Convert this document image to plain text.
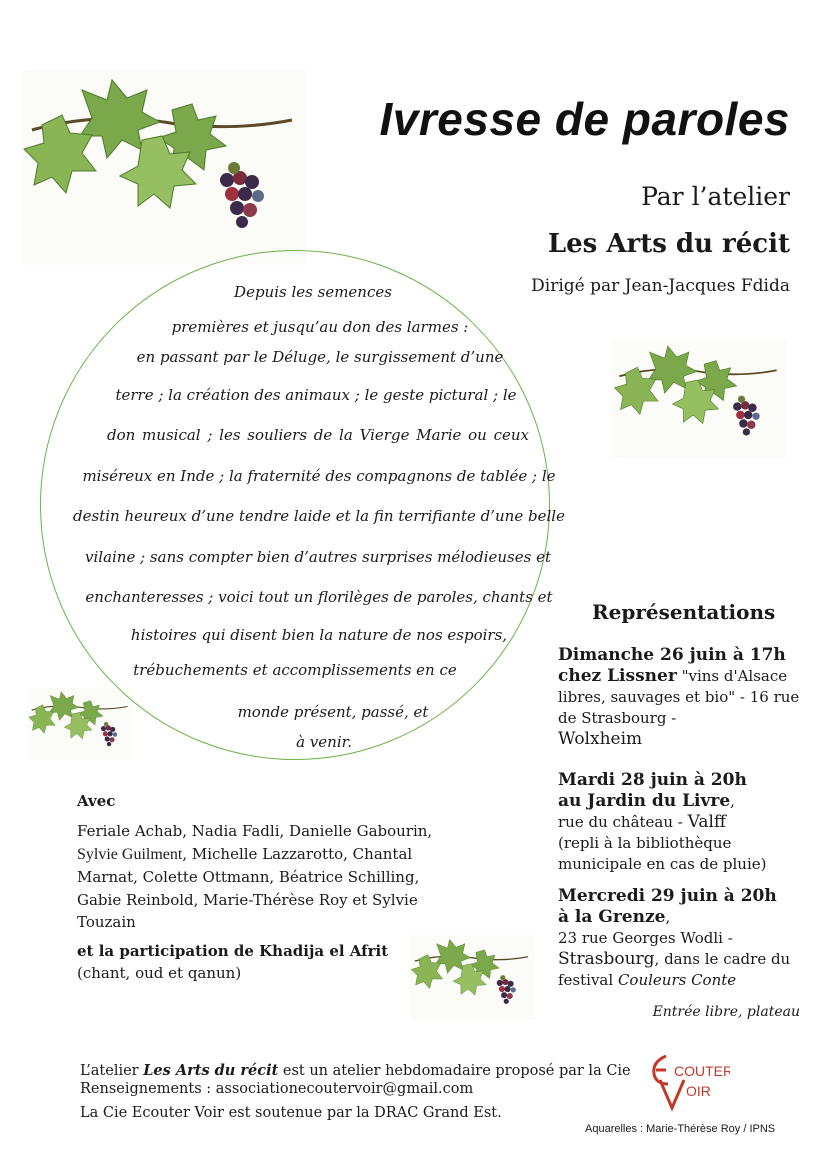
Ivresse de paroles
Par l’atelier
Les Arts du récit
Dirigé par Jean-Jacques Fdida
Depuis les semences
premières et jusqu’au don des larmes :
en passant par le Déluge, le surgissement d’une
terre ; la création des animaux ; le geste pictural ; le
don musical ; les souliers de la Vierge Marie ou ceux
miséreux en Inde ; la fraternité des compagnons de tablée ; le
destin heureux d’une tendre laide et la fin terrifiante d’une belle
vilaine ; sans compter bien d’autres surprises mélodieuses et
enchanteresses ; voici tout un florilèges de paroles, chants et
histoires qui disent bien la nature de nos espoirs,
trébuchements et accomplissements en ce
monde présent, passé, et
à venir.
Représentations
Dimanche 26 juin à 17h
chez Lissner "vins d'Alsace libres, sauvages et bio" - 16 rue de Strasbourg -
Wolxheim
Mardi 28 juin à 20h
au Jardin du Livre,
rue du château - Valff
(repli à la bibliothèque municipale en cas de pluie)
Mercredi 29 juin à 20h
à la Grenze,
23 rue Georges Wodli -
Strasbourg, dans le cadre du festival Couleurs Conte
Entrée libre, plateau
Avec
Feriale Achab, Nadia Fadli, Danielle Gabourin, Sylvie Guilment, Michelle Lazzarotto, Chantal Marnat, Colette Ottmann, Béatrice Schilling, Gabie Reinbold, Marie-Thérèse Roy et Sylvie Touzain
et la participation de Khadija el Afrit
(chant, oud et qanun)
L’atelier Les Arts du récit est un atelier hebdomadaire proposé par la Cie
Renseignements : associationecoutervoir@gmail.com
La Cie Ecouter Voir est soutenue par la DRAC Grand Est.
COUTER
OIR
Aquarelles : Marie-Thérèse Roy / IPNS
